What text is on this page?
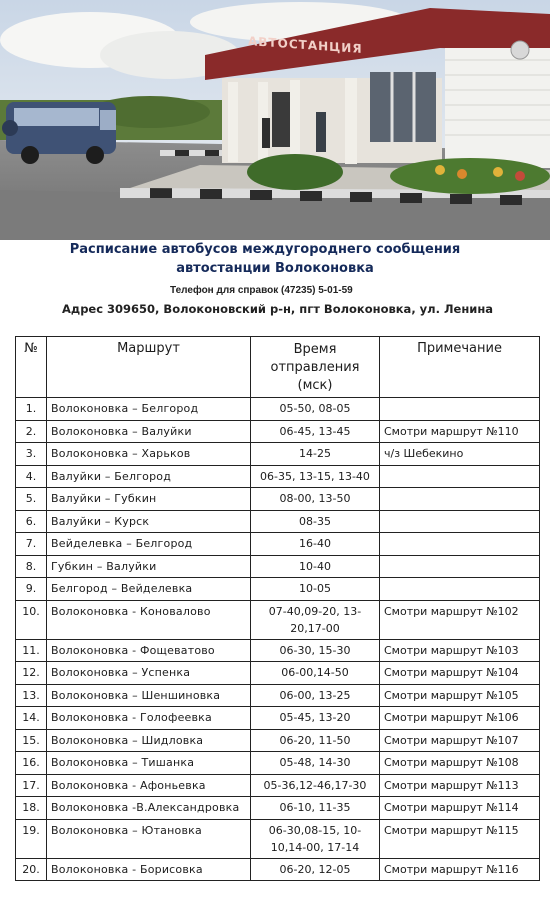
АВТОСТАНЦИЯ
Расписание автобусов междугороднего сообщения
автостанции Волоконовка
Телефон для справок (47235) 5-01-59
Адрес 309650, Волоконовский р-н, пгт Волоконовка, ул. Ленина
№	Маршрут	Время отправления (мск)	Примечание
1.	Волоконовка – Белгород	05-50, 08-05	
2.	Волоконовка – Валуйки	06-45, 13-45	Смотри маршрут №110
3.	Волоконовка – Харьков	14-25	ч/з Шебекино
4.	Валуйки – Белгород	06-35, 13-15, 13-40	
5.	Валуйки – Губкин	08-00, 13-50	
6.	Валуйки – Курск	08-35	
7.	Вейделевка – Белгород	16-40	
8.	Губкин – Валуйки	10-40	
9.	Белгород – Вейделевка	10-05	
10.	Волоконовка - Коновалово	07-40,09-20, 13-20,17-00	Смотри маршрут №102
11.	Волоконовка - Фощеватово	06-30, 15-30	Смотри маршрут №103
12.	Волоконовка – Успенка	06-00,14-50	Смотри маршрут №104
13.	Волоконовка – Шеншиновка	06-00, 13-25	Смотри маршрут №105
14.	Волоконовка - Голофеевка	05-45, 13-20	Смотри маршрут №106
15.	Волоконовка – Шидловка	06-20, 11-50	Смотри маршрут №107
16.	Волоконовка – Тишанка	05-48, 14-30	Смотри маршрут №108
17.	Волоконовка - Афоньевка	05-36,12-46,17-30	Смотри маршрут №113
18.	Волоконовка -В.Александровка	06-10, 11-35	Смотри маршрут №114
19.	Волоконовка – Ютановка	06-30,08-15, 10-10,14-00, 17-14	Смотри маршрут №115
20.	Волоконовка - Борисовка	06-20, 12-05	Смотри маршрут №116
